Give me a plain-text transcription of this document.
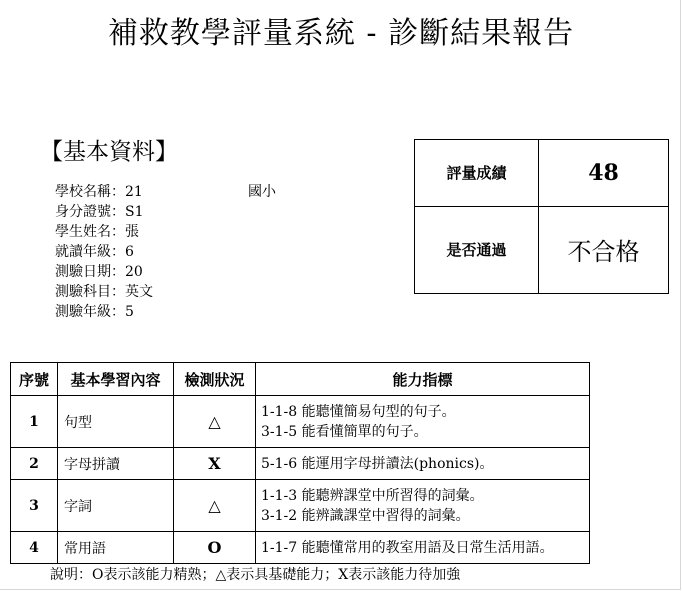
補救教學評量系統 - 診斷結果報告
【基本資料】
學校名稱：21	國小
身分證號：S1
學生姓名：張
就讀年級：6
測驗日期：20
測驗科目：英文
測驗年級：5
評量成績	48
是否通過	不合格
序號	基本學習內容	檢測狀況	能力指標
1	句型	△	1-1-8 能聽懂簡易句型的句子。
3-1-5 能看懂簡單的句子。

2	字母拼讀	X	5-1-6 能運用字母拼讀法(phonics)。

3	字詞	△	1-1-3 能聽辨課堂中所習得的詞彙。
3-1-2 能辨識課堂中習得的詞彙。

4	常用語	O	1-1-7 能聽懂常用的教室用語及日常生活用語。
說明：O表示該能力精熟；△表示具基礎能力；X表示該能力待加強
